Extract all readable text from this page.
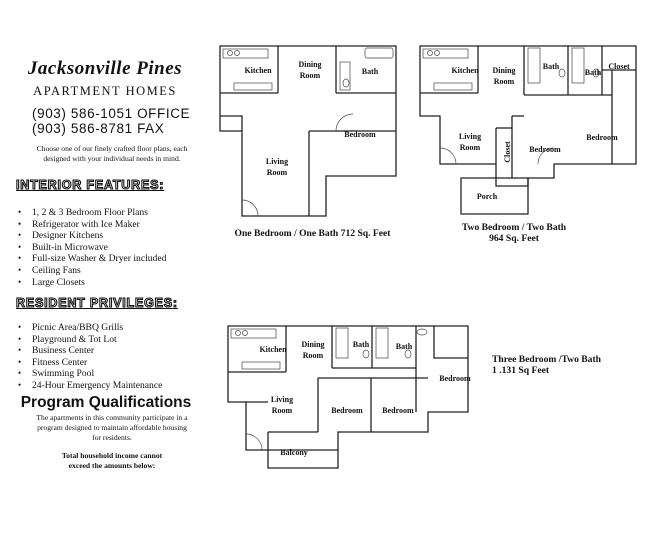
Jacksonville Pines
APARTMENT HOMES
(903) 586-1051 OFFICE
(903) 586-8781 FAX
Choose one of our finely crafted floor plans, each
designed with your individual needs in mind.
INTERIOR FEATURES:
• 1, 2 & 3 Bedroom Floor Plans
• Refrigerator with Ice Maker
• Designer Kitchens
• Built-in Microwave
• Full-size Washer & Dryer included
• Ceiling Fans
• Large Closets
RESIDENT PRIVILEGES:
• Picnic Area/BBQ Grills
• Playground & Tot Lot
• Business Center
• Fitness Center
• Swimming Pool
• 24-Hour Emergency Maintenance
Program Qualifications
The apartments in this community participate in a
program designed to maintain affordable housing
for residents.
Total household income cannot
exceed the amounts below:
Kitchen
Dining
Room	Bath
Bedroom
Living
Room
One Bedroom / One Bath 712 Sq. Feet
Kitchen Dining
Room
Bath
Bath
Closet
Living
Room	Closet Bedroom
Bedroom
Porch
Two Bedroom / Two Bath
964 Sq. Feet
Kitchen
Dining
Room
Bath	Bath
Living
Room	Bedroom Bedroom
Bedroom
Balcony
Three Bedroom /Two Bath
1 .131 Sq Feet
